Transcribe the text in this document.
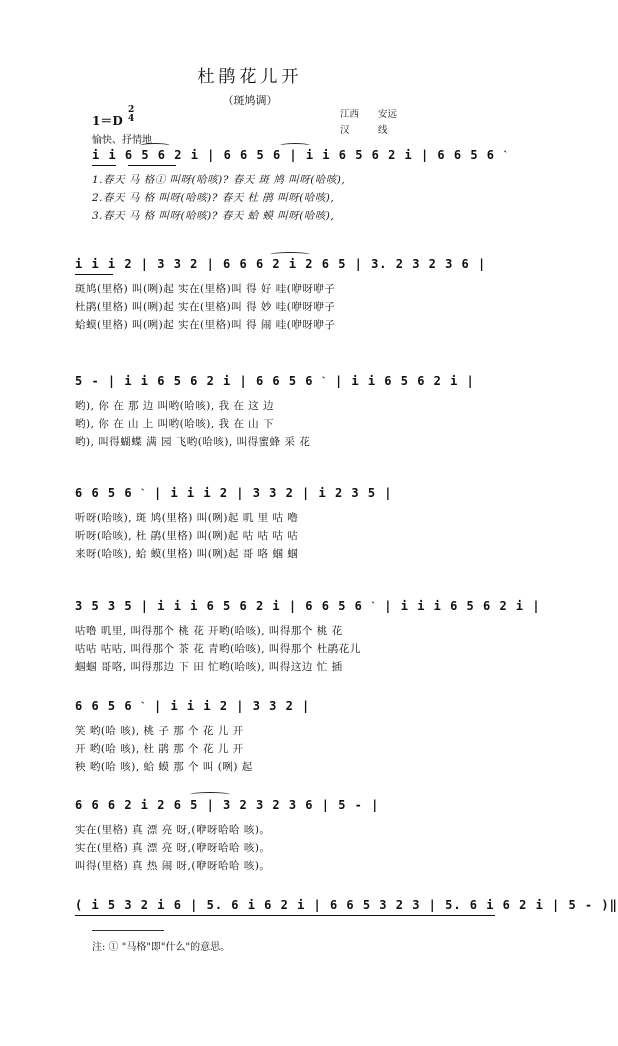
杜鹃花儿开
（斑鸠调）
1＝D
2
4
愉快、抒情地
江西 安远
汉	线
i i 6 5 6 2 i | 6 6 5 6 | i i 6 5 6 2 i | 6 6 5 6 ˋ
1.春天 马 格① 叫呀(哈咳)? 春天 斑 鸠 叫呀(哈咳),
2.春天 马 格 叫呀(哈咳)? 春天 杜 鹃 叫呀(哈咳),
3.春天 马 格 叫呀(哈咳)? 春天 蛤 蟆 叫呀(哈咳),
i i i 2 | 3 3 2 | 6 6 6 2 i 2 6 5 | 3. 2 3 2 3 6 |
斑鸠(里格) 叫(咧)起 实在(里格)叫 得 好 哇(咿呀咿子
杜鹃(里格) 叫(咧)起 实在(里格)叫 得 妙 哇(咿呀咿子
蛤蟆(里格) 叫(咧)起 实在(里格)叫 得 闹 哇(咿呀咿子
5 - | i i 6 5 6 2 i | 6 6 5 6 ˋ | i i 6 5 6 2 i |
哟), 你 在 那 边 叫哟(哈咳), 我 在 这 边
哟), 你 在 山 上 叫哟(哈咳), 我 在 山 下
哟), 叫得蝴蝶 满 园 飞哟(哈咳), 叫得蜜蜂 采 花
6 6 5 6 ˋ | i i i 2 | 3 3 2 | i 2 3 5 |
听呀(哈咳), 斑 鸠(里格) 叫(咧)起 叽 里 咕 噜
听呀(哈咳), 杜 鹃(里格) 叫(咧)起 咕 咕 咕 咕
来呀(哈咳), 蛤 蟆(里格) 叫(咧)起 哥 咯 蝈 蝈
3 5 3 5 | i i i 6 5 6 2 i | 6 6 5 6 ˋ | i i i 6 5 6 2 i |
咕噜 叽里, 叫得那个 桃 花 开哟(哈咳), 叫得那个 桃 花
咕咕 咕咕, 叫得那个 茶 花 青哟(哈咳), 叫得那个 杜鹃花儿
蝈蝈 哥咯, 叫得那边 下 田 忙哟(哈咳), 叫得这边 忙 插
6 6 5 6 ˋ | i i i 2 | 3 3 2 |
笑 哟(哈 咳), 桃 子 那 个 花 儿 开
开 哟(哈 咳), 杜 鹃 那 个 花 儿 开
秧 哟(哈 咳), 蛤 蟆 那 个 叫 (咧) 起
6 6 6 2 i 2 6 5 | 3 2 3 2 3 6 | 5 - |
实在(里格) 真 漂 亮 呀,(咿呀哈哈 咳)。
实在(里格) 真 漂 亮 呀,(咿呀哈哈 咳)。
叫得(里格) 真 热 闹 呀,(咿呀哈哈 咳)。
( i 5 3 2 i 6 | 5. 6 i 6 2 i | 6 6 5 3 2 3 | 5. 6 i 6 2 i | 5 - )‖
注: ① "马格"即"什么"的意思。
